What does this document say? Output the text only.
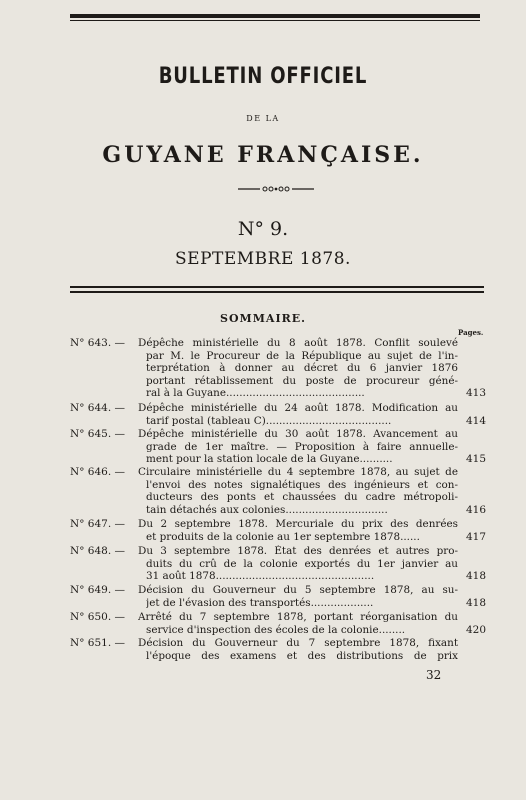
BULLETIN OFFICIEL
DE LA
GUYANE FRANÇAISE.
N° 9.
SEPTEMBRE 1878.
SOMMAIRE.
Pages.
N° 643. —	Dépêche ministérielle du 8 août 1878. Conflit soulevé
par M. le Procureur de la République au sujet de l'in-
terprétation à donner au décret du 6 janvier 1876
portant rétablissement du poste de procureur géné-
ral à la Guyane..........................................	413
N° 644. —	Dépêche ministérielle du 24 août 1878. Modification au
tarif postal (tableau C)......................................	414
N° 645. —	Dépêche ministérielle du 30 août 1878. Avancement au
grade de 1er maître. — Proposition à faire annuelle-
ment pour la station locale de la Guyane..........	415
N° 646. —	Circulaire ministérielle du 4 septembre 1878, au sujet de
l'envoi des notes signalétiques des ingénieurs et con-
ducteurs des ponts et chaussées du cadre métropoli-
tain détachés aux colonies...............................	416
N° 647. —	Du 2 septembre 1878. Mercuriale du prix des denrées
et produits de la colonie au 1er septembre 1878......	417
N° 648. —	Du 3 septembre 1878. État des denrées et autres pro-
duits du crû de la colonie exportés du 1er janvier au
31 août 1878................................................	418
N° 649. —	Décision du Gouverneur du 5 septembre 1878, au su-
jet de l'évasion des transportés...................	418
N° 650. —	Arrêté du 7 septembre 1878, portant réorganisation du
service d'inspection des écoles de la colonie........	420
N° 651. —	Décision du Gouverneur du 7 septembre 1878, fixant
l'époque des examens et des distributions de prix
32
